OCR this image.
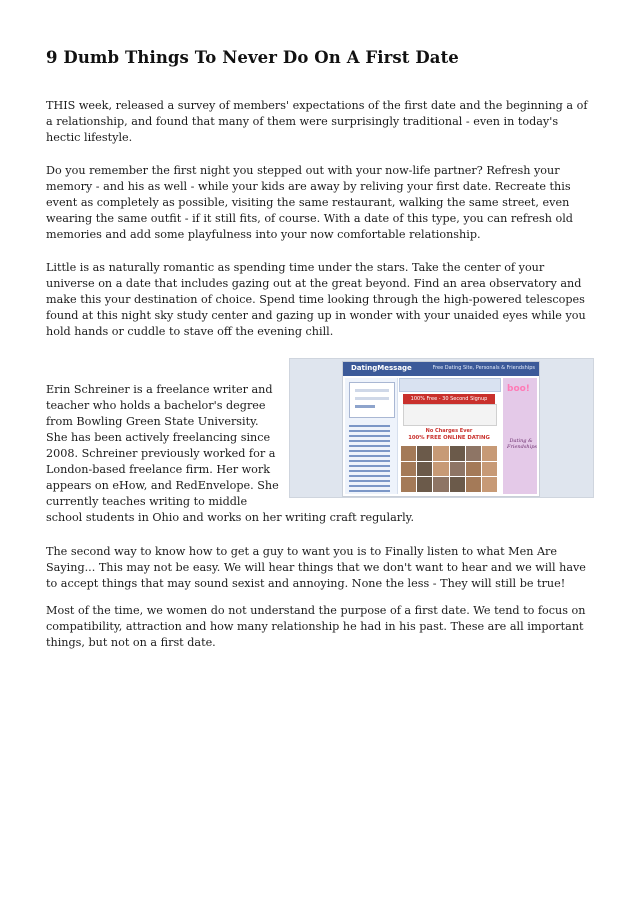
9 Dumb Things To Never Do On A First Date

THIS week, released a survey of members' expectations of the first date and the beginning a of a relationship, and found that many of them were surprisingly traditional - even in today's hectic lifestyle.

Do you remember the first night you stepped out with your now-life partner? Refresh your memory - and his as well - while your kids are away by reliving your first date. Recreate this event as completely as possible, visiting the same restaurant, walking the same street, even wearing the same outfit - if it still fits, of course. With a date of this type, you can refresh old memories and add some playfulness into your now comfortable relationship.

Little is as naturally romantic as spending time under the stars. Take the center of your universe on a date that includes gazing out at the great beyond. Find an area observatory and make this your destination of choice. Spend time looking through the high-powered telescopes found at this night sky study center and gazing up in wonder with your unaided eyes while you hold hands or cuddle to stave off the evening chill.

DatingMessage	Free Dating Site, Personals & Friendships
100% Free - 30 Second Signup
No Charges Ever
100% FREE ONLINE DATING
boo!
Dating & Friendships

Erin Schreiner is a freelance writer and teacher who holds a bachelor's degree from Bowling Green State University. She has been actively freelancing since 2008. Schreiner previously worked for a London-based freelance firm. Her work appears on eHow, and RedEnvelope. She currently teaches writing to middle school students in Ohio and works on her writing craft regularly.

The second way to know how to get a guy to want you is to Finally listen to what Men Are Saying... This may not be easy. We will hear things that we don't want to hear and we will have to accept things that may sound sexist and annoying. None the less - They will still be true!

Most of the time, we women do not understand the purpose of a first date. We tend to focus on compatibility, attraction and how many relationship he had in his past. These are all important things, but not on a first date.
